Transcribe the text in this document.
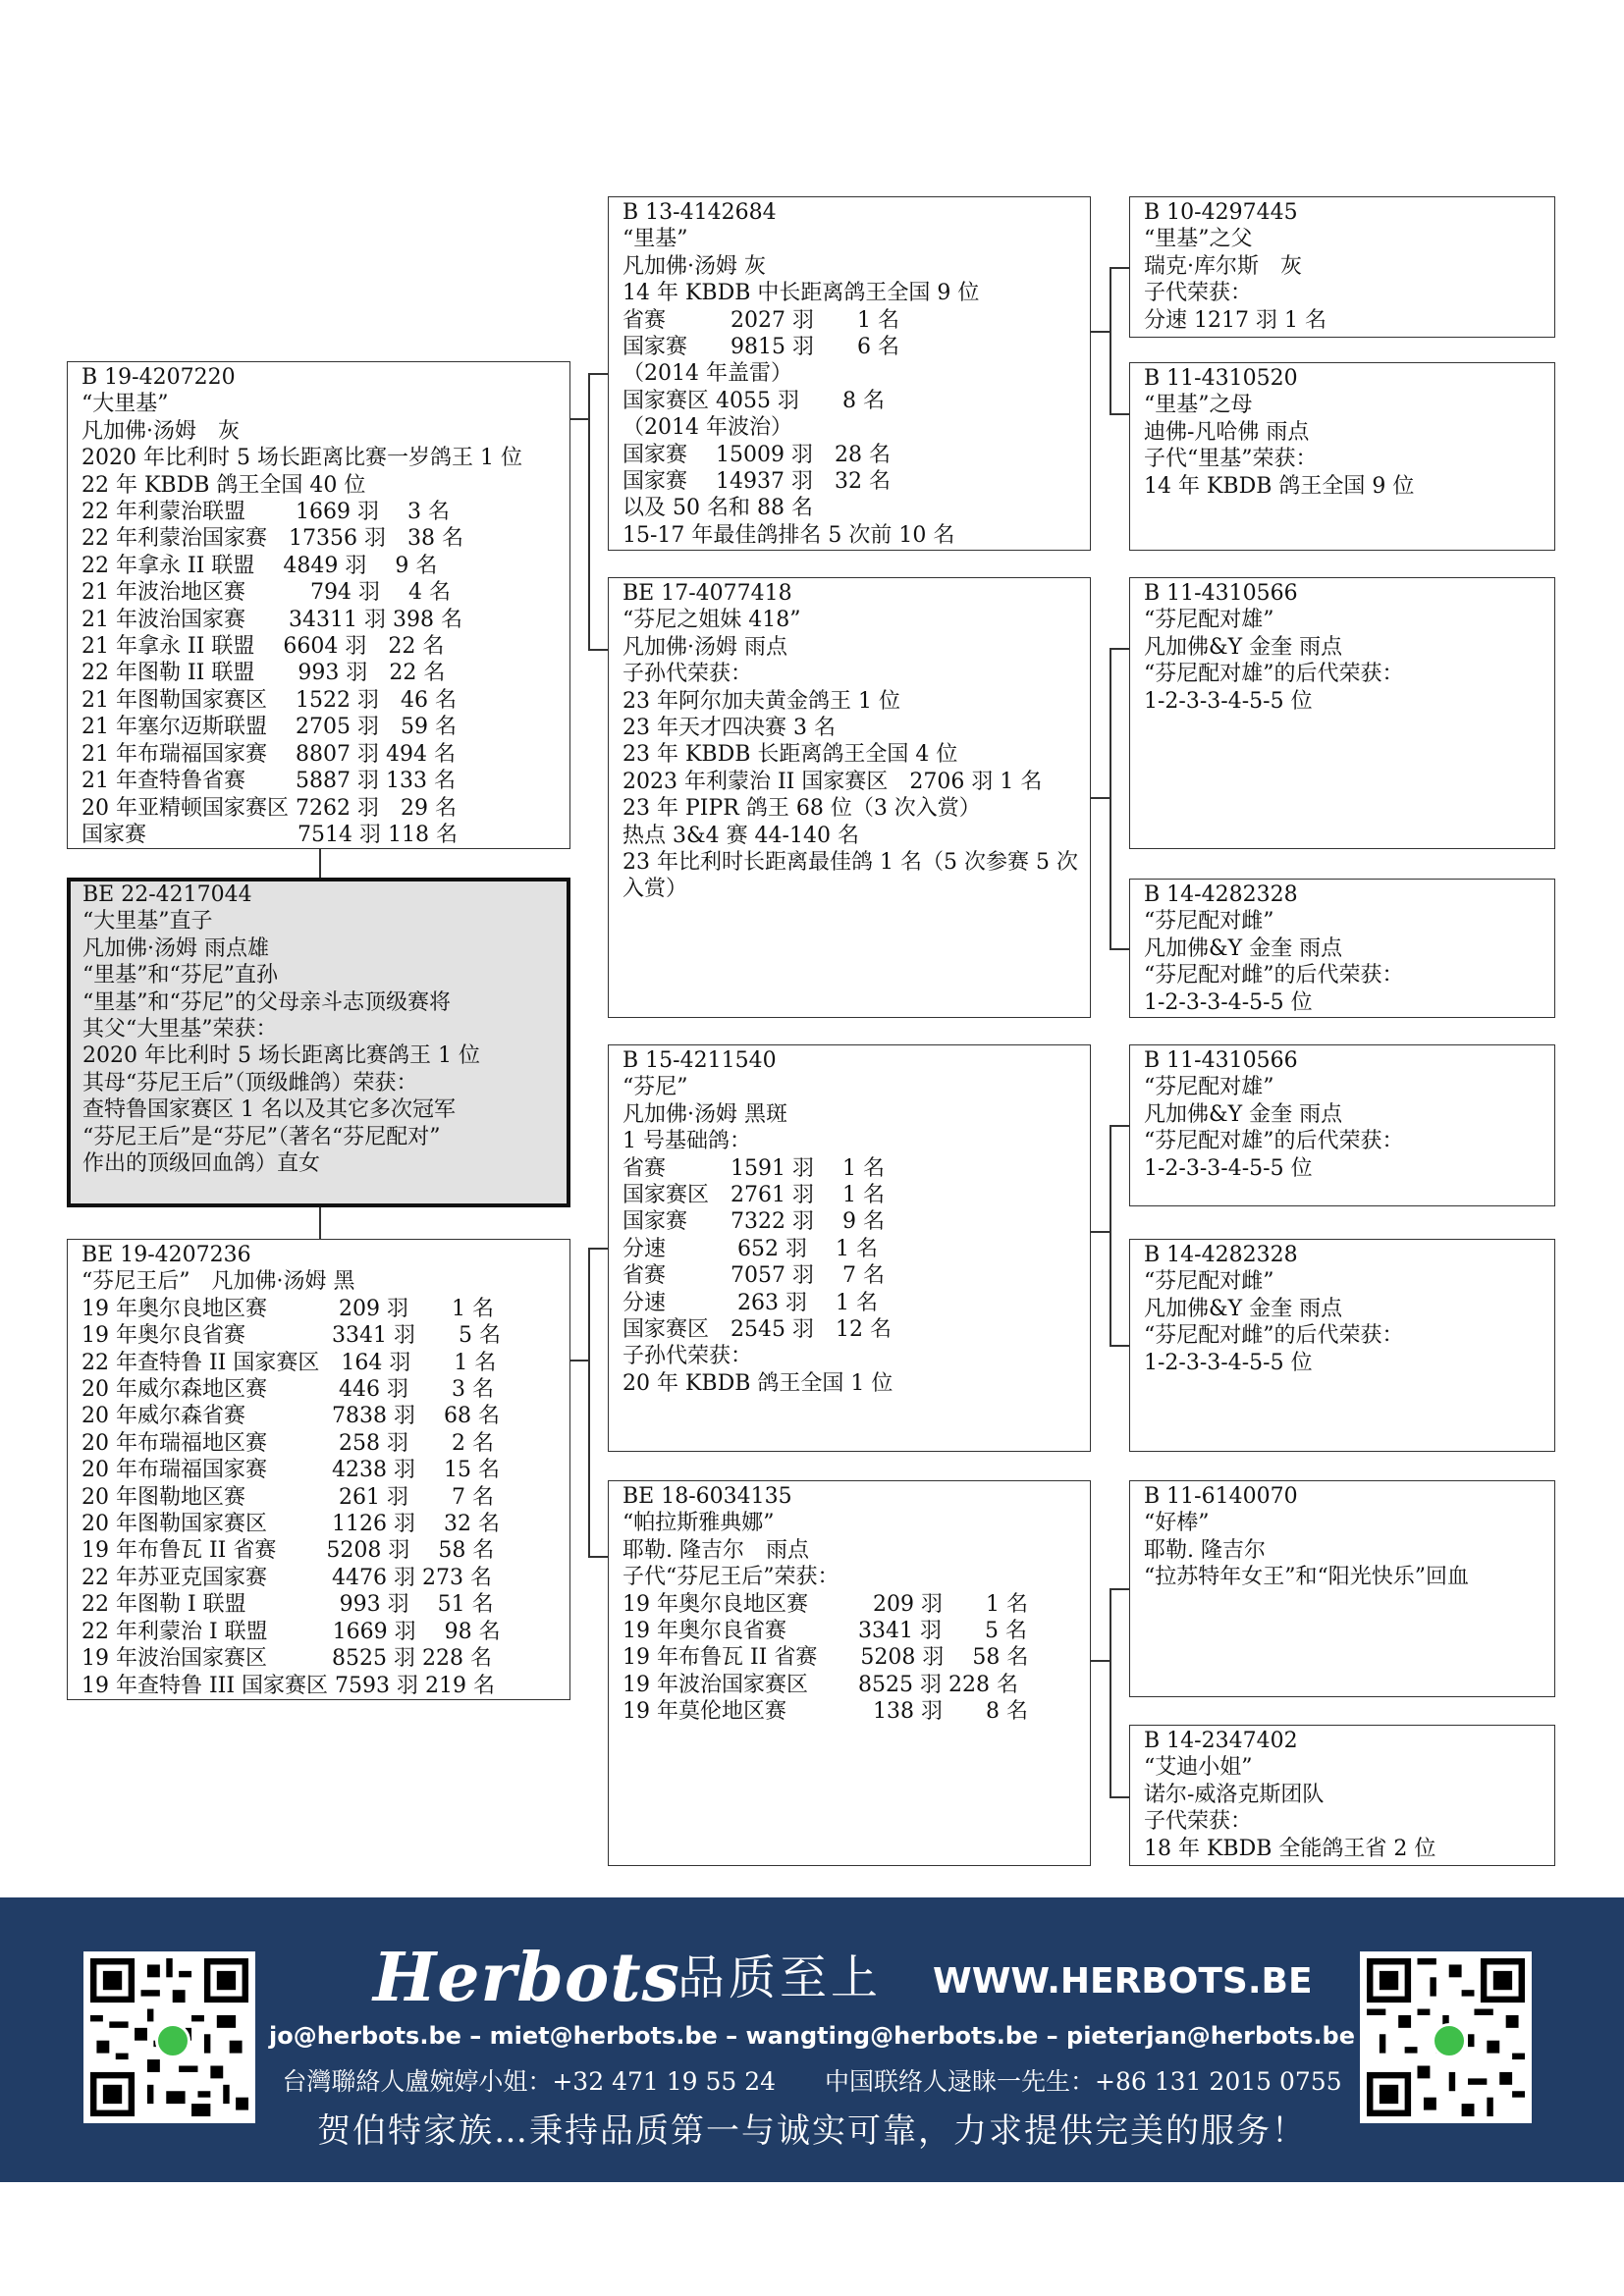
B 19-4207220
“大里基”
凡加佛·汤姆　灰
2020 年比利时 5 场长距离比赛一岁鸽王 1 位
22 年 KBDB 鸽王全国 40 位
22 年利蒙治联盟　　 1669 羽　 3 名
22 年利蒙治国家赛　17356 羽　38 名
22 年拿永 II 联盟　 4849 羽　 9 名
21 年波治地区赛　　　794 羽　 4 名
21 年波治国家赛　　34311 羽 398 名
21 年拿永 II 联盟　 6604 羽　22 名
22 年图勒 II 联盟　　993 羽　22 名
21 年图勒国家赛区　 1522 羽　46 名
21 年塞尔迈斯联盟　 2705 羽　59 名
21 年布瑞福国家赛　 8807 羽 494 名
21 年查特鲁省赛　　 5887 羽 133 名
20 年亚精顿国家赛区 7262 羽　29 名
国家赛　　　　　　　7514 羽 118 名
BE 22-4217044
“大里基”直子
凡加佛·汤姆 雨点雄
“里基”和“芬尼”直孙
“里基”和“芬尼”的父母亲斗志顶级赛将
其父“大里基”荣获：
2020 年比利时 5 场长距离比赛鸽王 1 位
其母“芬尼王后”（顶级雌鸽）荣获：
查特鲁国家赛区 1 名以及其它多次冠军
“芬尼王后”是“芬尼”（著名“芬尼配对”
作出的顶级回血鸽）直女
BE 19-4207236
“芬尼王后”　凡加佛·汤姆 黑
19 年奥尔良地区赛　　　 209 羽　　1 名
19 年奥尔良省赛　　　　3341 羽　　5 名
22 年查特鲁 II 国家赛区　164 羽　　1 名
20 年威尔森地区赛　　　 446 羽　　3 名
20 年威尔森省赛　　　　7838 羽　 68 名
20 年布瑞福地区赛　　　 258 羽　　2 名
20 年布瑞福国家赛　　　4238 羽　 15 名
20 年图勒地区赛　　　　 261 羽　　7 名
20 年图勒国家赛区　　　1126 羽　 32 名
19 年布鲁瓦 II 省赛　　 5208 羽　 58 名
22 年苏亚克国家赛　　　4476 羽 273 名
22 年图勒 I 联盟　　　　 993 羽　 51 名
22 年利蒙治 I 联盟　　　1669 羽　 98 名
19 年波治国家赛区　　　8525 羽 228 名
19 年查特鲁 III 国家赛区 7593 羽 219 名
B 13-4142684
“里基”
凡加佛·汤姆 灰
14 年 KBDB 中长距离鸽王全国 9 位
省赛　　　2027 羽　　1 名
国家赛　　9815 羽　　6 名
（2014 年盖雷）
国家赛区 4055 羽　　8 名
（2014 年波治）
国家赛　 15009 羽　28 名
国家赛　 14937 羽　32 名
以及 50 名和 88 名
15-17 年最佳鸽排名 5 次前 10 名
BE 17-4077418
“芬尼之姐妹 418”
凡加佛·汤姆 雨点
子孙代荣获：
23 年阿尔加夫黄金鸽王 1 位
23 年天才四决赛 3 名
23 年 KBDB 长距离鸽王全国 4 位
2023 年利蒙治 II 国家赛区　2706 羽 1 名
23 年 PIPR 鸽王 68 位（3 次入赏）
热点 3&4 赛 44-140 名
23 年比利时长距离最佳鸽 1 名（5 次参赛 5 次入赏）
B 15-4211540
“芬尼”
凡加佛·汤姆 黑斑
1 号基础鸽：
省赛　　　1591 羽　 1 名
国家赛区　2761 羽　 1 名
国家赛　　7322 羽　 9 名
分速　　　 652 羽　 1 名
省赛　　　7057 羽　 7 名
分速　　　 263 羽　 1 名
国家赛区　2545 羽　12 名
子孙代荣获：
20 年 KBDB 鸽王全国 1 位
BE 18-6034135
“帕拉斯雅典娜”
耶勒. 隆吉尔　雨点
子代“芬尼王后”荣获：
19 年奥尔良地区赛　　　209 羽　　1 名
19 年奥尔良省赛　　　 3341 羽　　5 名
19 年布鲁瓦 II 省赛　　5208 羽　 58 名
19 年波治国家赛区　　 8525 羽 228 名
19 年莫伦地区赛　　　　138 羽　　8 名
B 10-4297445
“里基”之父
瑞克·库尔斯　灰
子代荣获：
分速 1217 羽 1 名
B 11-4310520
“里基”之母
迪佛-凡哈佛 雨点
子代“里基”荣获：
14 年 KBDB 鸽王全国 9 位
B 11-4310566
“芬尼配对雄”
凡加佛&Y 金奎 雨点
“芬尼配对雄”的后代荣获：
1-2-3-3-4-5-5 位
B 14-4282328
“芬尼配对雌”
凡加佛&Y 金奎 雨点
“芬尼配对雌”的后代荣获：
1-2-3-3-4-5-5 位
B 11-4310566
“芬尼配对雄”
凡加佛&Y 金奎 雨点
“芬尼配对雄”的后代荣获：
1-2-3-3-4-5-5 位
B 14-4282328
“芬尼配对雌”
凡加佛&Y 金奎 雨点
“芬尼配对雌”的后代荣获：
1-2-3-3-4-5-5 位
B 11-6140070
“好棒”
耶勒. 隆吉尔
“拉苏特年女王”和“阳光快乐”回血
B 14-2347402
“艾迪小姐”
诺尔-威洛克斯团队
子代荣获：
18 年 KBDB 全能鸽王省 2 位
Herbots
品质至上 WWW.HERBOTS.BE
jo@herbots.be – miet@herbots.be – wangting@herbots.be – pieterjan@herbots.be
台灣聯絡人盧婉婷小姐：+32 471 19 55 24　　中国联络人逯睐一先生：+86 131 2015 0755
贺伯特家族…秉持品质第一与诚实可靠，力求提供完美的服务！
